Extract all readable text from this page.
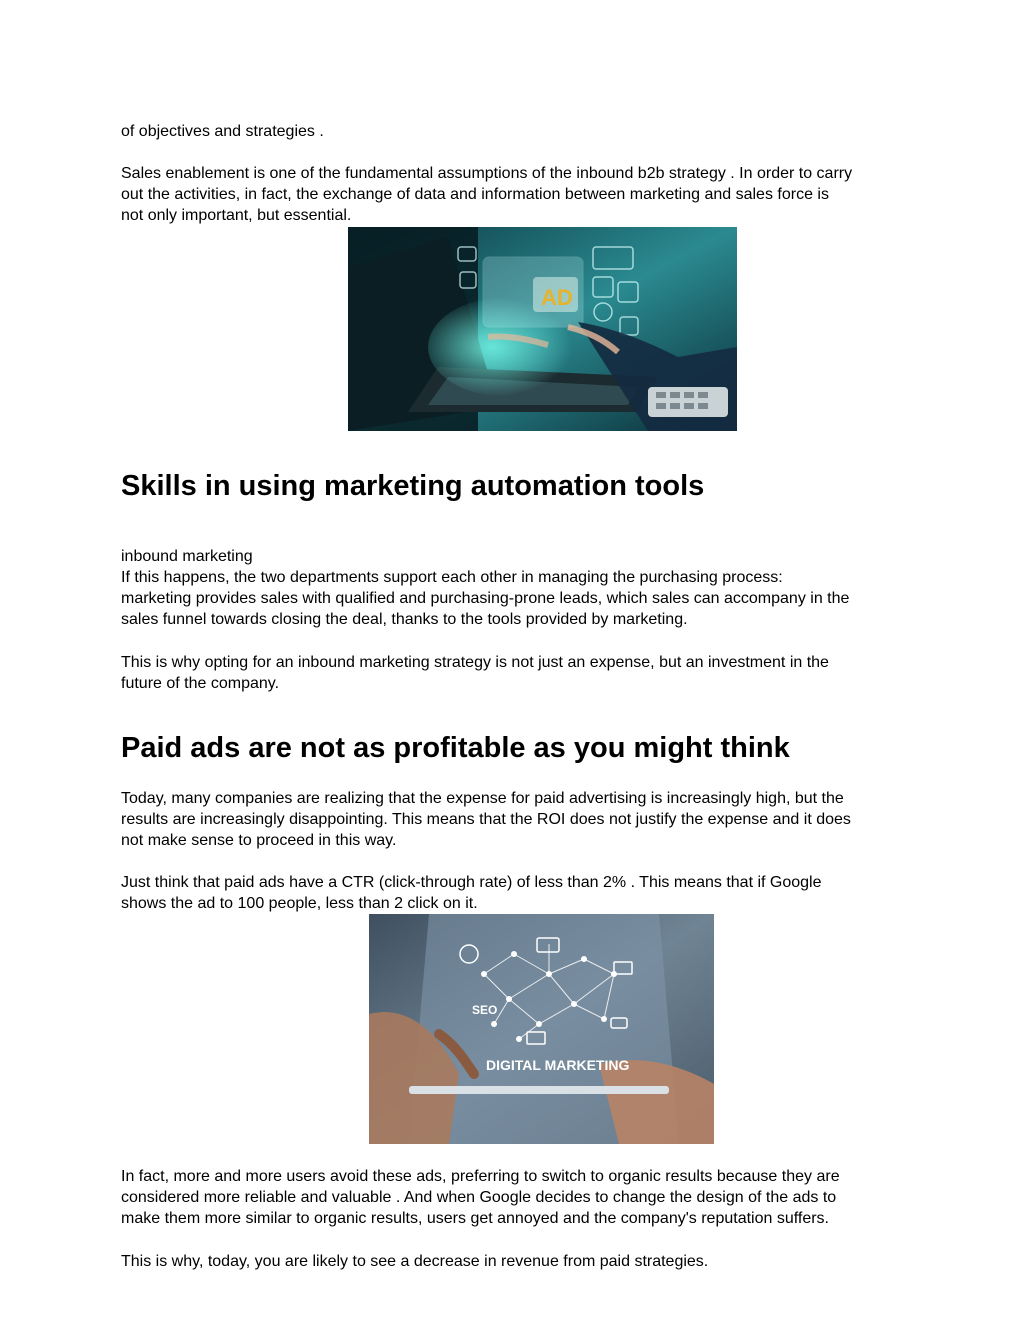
of objectives and strategies .

Sales enablement is one of the fundamental assumptions of the inbound b2b strategy . In order to carry
out the activities, in fact, the exchange of data and information between marketing and sales force is
not only important, but essential.

AD
Skills in using marketing automation tools

inbound marketing
If this happens, the two departments support each other in managing the purchasing process:
marketing provides sales with qualified and purchasing-prone leads, which sales can accompany in the
sales funnel towards closing the deal, thanks to the tools provided by marketing.

This is why opting for an inbound marketing strategy is not just an expense, but an investment in the
future of the company.

Paid ads are not as profitable as you might think

Today, many companies are realizing that the expense for paid advertising is increasingly high, but the
results are increasingly disappointing. This means that the ROI does not justify the expense and it does
not make sense to proceed in this way.

Just think that paid ads have a CTR (click-through rate) of less than 2% . This means that if Google
shows the ad to 100 people, less than 2 click on it.

SEO
DIGITAL MARKETING

In fact, more and more users avoid these ads, preferring to switch to organic results because they are
considered more reliable and valuable . And when Google decides to change the design of the ads to
make them more similar to organic results, users get annoyed and the company's reputation suffers.

This is why, today, you are likely to see a decrease in revenue from paid strategies.
